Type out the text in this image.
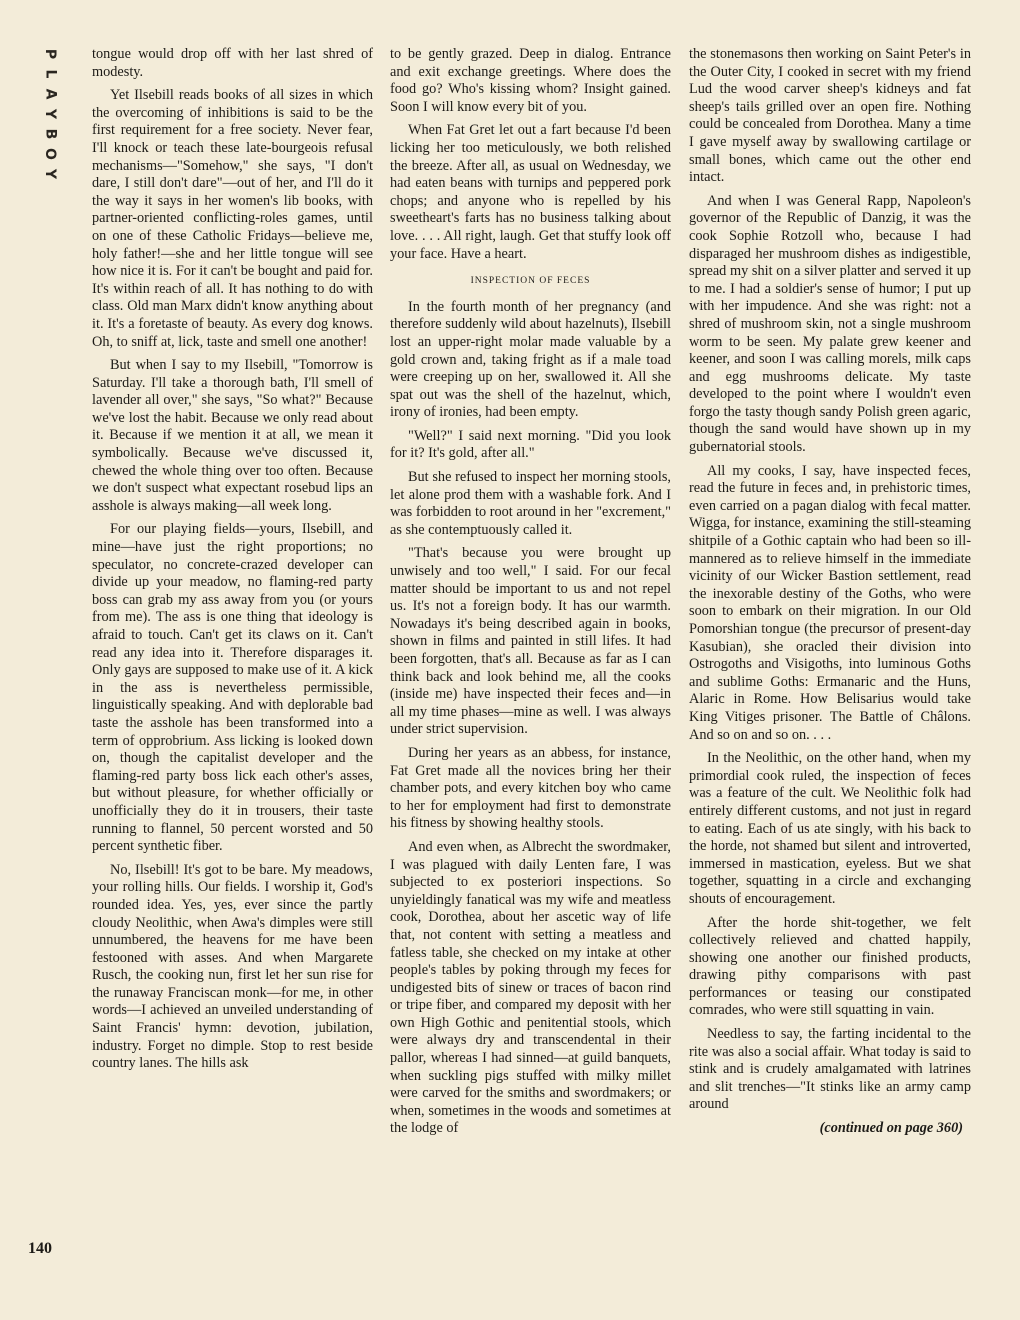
P
L
A
Y
B
O
Y

tongue would drop off with her last shred of modesty.

Yet Ilsebill reads books of all sizes in which the overcoming of inhibitions is said to be the first requirement for a free society. Never fear, I'll knock or teach these late-bourgeois refusal mechanisms—"Somehow," she says, "I don't dare, I still don't dare"—out of her, and I'll do it the way it says in her women's lib books, with partner-oriented conflicting-roles games, until on one of these Catholic Fridays—believe me, holy father!—she and her little tongue will see how nice it is. For it can't be bought and paid for. It's within reach of all. It has nothing to do with class. Old man Marx didn't know anything about it. It's a foretaste of beauty. As every dog knows. Oh, to sniff at, lick, taste and smell one another!

But when I say to my Ilsebill, "Tomorrow is Saturday. I'll take a thorough bath, I'll smell of lavender all over," she says, "So what?" Because we've lost the habit. Because we only read about it. Because if we mention it at all, we mean it symbolically. Because we've discussed it, chewed the whole thing over too often. Because we don't suspect what expectant rosebud lips an asshole is always making—all week long.

For our playing fields—yours, Ilsebill, and mine—have just the right proportions; no speculator, no concrete-crazed developer can divide up your meadow, no flaming-red party boss can grab my ass away from you (or yours from me). The ass is one thing that ideology is afraid to touch. Can't get its claws on it. Can't read any idea into it. Therefore disparages it. Only gays are supposed to make use of it. A kick in the ass is nevertheless permissible, linguistically speaking. And with deplorable bad taste the asshole has been transformed into a term of opprobrium. Ass licking is looked down on, though the capitalist developer and the flaming-red party boss lick each other's asses, but without pleasure, for whether officially or unofficially they do it in trousers, their taste running to flannel, 50 percent worsted and 50 percent synthetic fiber.

No, Ilsebill! It's got to be bare. My meadows, your rolling hills. Our fields. I worship it, God's rounded idea. Yes, yes, ever since the partly cloudy Neolithic, when Awa's dimples were still unnumbered, the heavens for me have been festooned with asses. And when Margarete Rusch, the cooking nun, first let her sun rise for the runaway Franciscan monk—for me, in other words—I achieved an unveiled understanding of Saint Francis' hymn: devotion, jubilation, industry. Forget no dimple. Stop to rest beside country lanes. The hills ask

to be gently grazed. Deep in dialog. Entrance and exit exchange greetings. Where does the food go? Who's kissing whom? Insight gained. Soon I will know every bit of you.

When Fat Gret let out a fart because I'd been licking her too meticulously, we both relished the breeze. After all, as usual on Wednesday, we had eaten beans with turnips and peppered pork chops; and anyone who is repelled by his sweetheart's farts has no business talking about love. . . . All right, laugh. Get that stuffy look off your face. Have a heart.

INSPECTION OF FECES

In the fourth month of her pregnancy (and therefore suddenly wild about hazelnuts), Ilsebill lost an upper-right molar made valuable by a gold crown and, taking fright as if a male toad were creeping up on her, swallowed it. All she spat out was the shell of the hazelnut, which, irony of ironies, had been empty.

"Well?" I said next morning. "Did you look for it? It's gold, after all."

But she refused to inspect her morning stools, let alone prod them with a washable fork. And I was forbidden to root around in her "excrement," as she contemptuously called it.

"That's because you were brought up unwisely and too well," I said. For our fecal matter should be important to us and not repel us. It's not a foreign body. It has our warmth. Nowadays it's being described again in books, shown in films and painted in still lifes. It had been forgotten, that's all. Because as far as I can think back and look behind me, all the cooks (inside me) have inspected their feces and—in all my time phases—mine as well. I was always under strict supervision.

During her years as an abbess, for instance, Fat Gret made all the novices bring her their chamber pots, and every kitchen boy who came to her for employment had first to demonstrate his fitness by showing healthy stools.

And even when, as Albrecht the swordmaker, I was plagued with daily Lenten fare, I was subjected to ex posteriori inspections. So unyieldingly fanatical was my wife and meatless cook, Dorothea, about her ascetic way of life that, not content with setting a meatless and fatless table, she checked on my intake at other people's tables by poking through my feces for undigested bits of sinew or traces of bacon rind or tripe fiber, and compared my deposit with her own High Gothic and penitential stools, which were always dry and transcendental in their pallor, whereas I had sinned—at guild banquets, when suckling pigs stuffed with milky millet were carved for the smiths and swordmakers; or when, sometimes in the woods and sometimes at the lodge of

the stonemasons then working on Saint Peter's in the Outer City, I cooked in secret with my friend Lud the wood carver sheep's kidneys and fat sheep's tails grilled over an open fire. Nothing could be concealed from Dorothea. Many a time I gave myself away by swallowing cartilage or small bones, which came out the other end intact.

And when I was General Rapp, Napoleon's governor of the Republic of Danzig, it was the cook Sophie Rotzoll who, because I had disparaged her mushroom dishes as indigestible, spread my shit on a silver platter and served it up to me. I had a soldier's sense of humor; I put up with her impudence. And she was right: not a shred of mushroom skin, not a single mushroom worm to be seen. My palate grew keener and keener, and soon I was calling morels, milk caps and egg mushrooms delicate. My taste developed to the point where I wouldn't even forgo the tasty though sandy Polish green agaric, though the sand would have shown up in my gubernatorial stools.

All my cooks, I say, have inspected feces, read the future in feces and, in prehistoric times, even carried on a pagan dialog with fecal matter. Wigga, for instance, examining the still-steaming shitpile of a Gothic captain who had been so ill-mannered as to relieve himself in the immediate vicinity of our Wicker Bastion settlement, read the inexorable destiny of the Goths, who were soon to embark on their migration. In our Old Pomorshian tongue (the precursor of present-day Kasubian), she oracled their division into Ostrogoths and Visigoths, into luminous Goths and sublime Goths: Ermanaric and the Huns, Alaric in Rome. How Belisarius would take King Vitiges prisoner. The Battle of Châlons. And so on and so on. . . .

In the Neolithic, on the other hand, when my primordial cook ruled, the inspection of feces was a feature of the cult. We Neolithic folk had entirely different customs, and not just in regard to eating. Each of us ate singly, with his back to the horde, not shamed but silent and introverted, immersed in mastication, eyeless. But we shat together, squatting in a circle and exchanging shouts of encouragement.

After the horde shit-together, we felt collectively relieved and chatted happily, showing one another our finished products, drawing pithy comparisons with past performances or teasing our constipated comrades, who were still squatting in vain.

Needless to say, the farting incidental to the rite was also a social affair. What today is said to stink and is crudely amalgamated with latrines and slit trenches—"It stinks like an army camp around

(continued on page 360)
140
